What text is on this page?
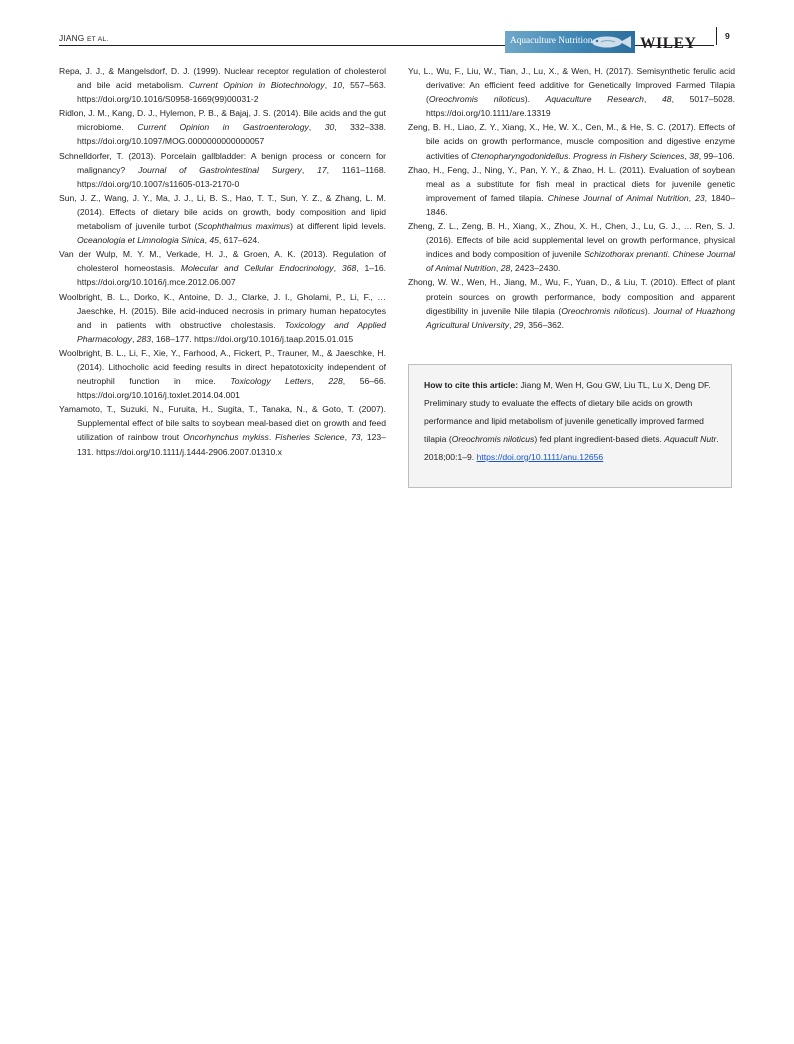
JIANG ET AL.	Aquaculture Nutrition	WILEY	9

Repa, J. J., & Mangelsdorf, D. J. (1999). Nuclear receptor regulation of cholesterol and bile acid metabolism. Current Opinion in Biotechnology, 10, 557–563. https://doi.org/10.1016/S0958-1669(99)00031-2

Ridlon, J. M., Kang, D. J., Hylemon, P. B., & Bajaj, J. S. (2014). Bile acids and the gut microbiome. Current Opinion in Gastroenterology, 30, 332–338. https://doi.org/10.1097/MOG.0000000000000057

Schnelldorfer, T. (2013). Porcelain gallbladder: A benign process or concern for malignancy? Journal of Gastrointestinal Surgery, 17, 1161–1168. https://doi.org/10.1007/s11605-013-2170-0

Sun, J. Z., Wang, J. Y., Ma, J. J., Li, B. S., Hao, T. T., Sun, Y. Z., & Zhang, L. M. (2014). Effects of dietary bile acids on growth, body composition and lipid metabolism of juvenile turbot (Scophthalmus maximus) at different lipid levels. Oceanologia et Limnologia Sinica, 45, 617–624.

Van der Wulp, M. Y. M., Verkade, H. J., & Groen, A. K. (2013). Regulation of cholesterol homeostasis. Molecular and Cellular Endocrinology, 368, 1–16. https://doi.org/10.1016/j.mce.2012.06.007

Woolbright, B. L., Dorko, K., Antoine, D. J., Clarke, J. I., Gholami, P., Li, F., … Jaeschke, H. (2015). Bile acid-induced necrosis in primary human hepatocytes and in patients with obstructive cholestasis. Toxicology and Applied Pharmacology, 283, 168–177. https://doi.org/10.1016/j.taap.2015.01.015

Woolbright, B. L., Li, F., Xie, Y., Farhood, A., Fickert, P., Trauner, M., & Jaeschke, H. (2014). Lithocholic acid feeding results in direct hepatotoxicity independent of neutrophil function in mice. Toxicology Letters, 228, 56–66. https://doi.org/10.1016/j.toxlet.2014.04.001

Yamamoto, T., Suzuki, N., Furuita, H., Sugita, T., Tanaka, N., & Goto, T. (2007). Supplemental effect of bile salts to soybean meal-based diet on growth and feed utilization of rainbow trout Oncorhynchus mykiss. Fisheries Science, 73, 123–131. https://doi.org/10.1111/j.1444-2906.2007.01310.x

Yu, L., Wu, F., Liu, W., Tian, J., Lu, X., & Wen, H. (2017). Semisynthetic ferulic acid derivative: An efficient feed additive for Genetically Improved Farmed Tilapia (Oreochromis niloticus). Aquaculture Research, 48, 5017–5028. https://doi.org/10.1111/are.13319

Zeng, B. H., Liao, Z. Y., Xiang, X., He, W. X., Cen, M., & He, S. C. (2017). Effects of bile acids on growth performance, muscle composition and digestive enzyme activities of Ctenopharyngodonidellus. Progress in Fishery Sciences, 38, 99–106.

Zhao, H., Feng, J., Ning, Y., Pan, Y. Y., & Zhao, H. L. (2011). Evaluation of soybean meal as a substitute for fish meal in practical diets for juvenile genetic improvement of famed tilapia. Chinese Journal of Animal Nutrition, 23, 1840–1846.

Zheng, Z. L., Zeng, B. H., Xiang, X., Zhou, X. H., Chen, J., Lu, G. J., … Ren, S. J. (2016). Effects of bile acid supplemental level on growth performance, physical indices and body composition of juvenile Schizothorax prenanti. Chinese Journal of Animal Nutrition, 28, 2423–2430.

Zhong, W. W., Wen, H., Jiang, M., Wu, F., Yuan, D., & Liu, T. (2010). Effect of plant protein sources on growth performance, body composition and apparent digestibility in juvenile Nile tilapia (Oreochromis niloticus). Journal of Huazhong Agricultural University, 29, 356–362.

How to cite this article: Jiang M, Wen H, Gou GW, Liu TL, Lu X, Deng DF. Preliminary study to evaluate the effects of dietary bile acids on growth performance and lipid metabolism of juvenile genetically improved farmed tilapia (Oreochromis niloticus) fed plant ingredient-based diets. Aquacult Nutr. 2018;00:1–9. https://doi.org/10.1111/anu.12656
